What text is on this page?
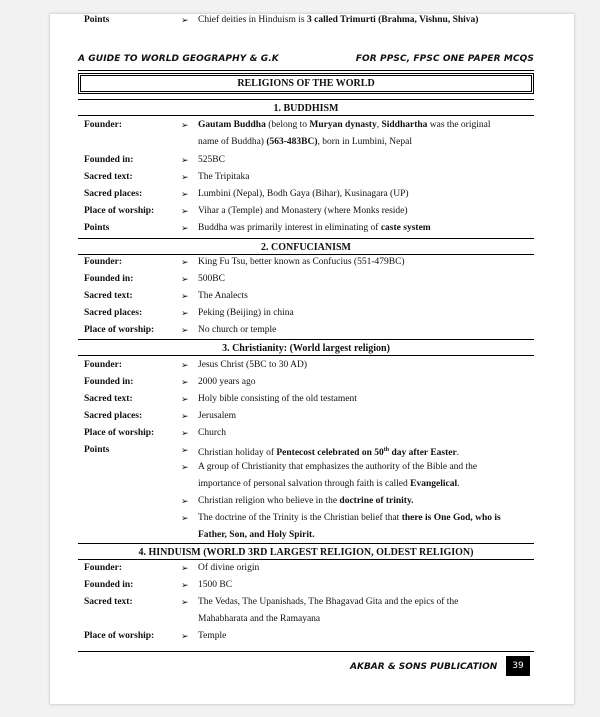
A GUIDE TO WORLD GEOGRAPHY & G.K	FOR PPSC, FPSC ONE PAPER MCQS
RELIGIONS OF THE WORLD
1. BUDDHISM
Founder:	➢ Gautam Buddha (belong to Muryan dynasty, Siddhartha was the original
name of Buddha) (563-483BC), born in Lumbini, Nepal
Founded in:	➢ 525BC
Sacred text:	➢ The Tripitaka
Sacred places:	➢ Lumbini (Nepal), Bodh Gaya (Bihar), Kusinagara (UP)
Place of worship:	➢ Vihar a (Temple) and Monastery (where Monks reside)
Points	➢ Buddha was primarily interest in eliminating of caste system
2. CONFUCIANISM
Founder:	➢ King Fu Tsu, better known as Confucius (551-479BC)
Founded in:	➢ 500BC
Sacred text:	➢ The Analects
Sacred places:	➢ Peking (Beijing) in china
Place of worship:	➢ No church or temple
3. Christianity: (World largest religion)
Founder:	➢ Jesus Christ (5BC to 30 AD)
Founded in:	➢ 2000 years ago
Sacred text:	➢ Holy bible consisting of the old testament
Sacred places:	➢ Jerusalem
Place of worship:	➢ Church
Points	➢ Christian holiday of Pentecost celebrated on 50th day after Easter.
➢ A group of Christianity that emphasizes the authority of the Bible and the
importance of personal salvation through faith is called Evangelical.
➢ Christian religion who believe in the doctrine of trinity.
➢ The doctrine of the Trinity is the Christian belief that there is One God, who is
Father, Son, and Holy Spirit.
4. HINDUISM (WORLD 3RD LARGEST RELIGION, OLDEST RELIGION)
Founder:	➢ Of divine origin
Founded in:	➢ 1500 BC
Sacred text:	➢ The Vedas, The Upanishads, The Bhagavad Gita and the epics of the
Mahabharata and the Ramayana
Place of worship:	➢ Temple
Points	➢ Chief deities in Hinduism is 3 called Trimurti (Brahma, Vishnu, Shiva)
AKBAR & SONS PUBLICATION	39
